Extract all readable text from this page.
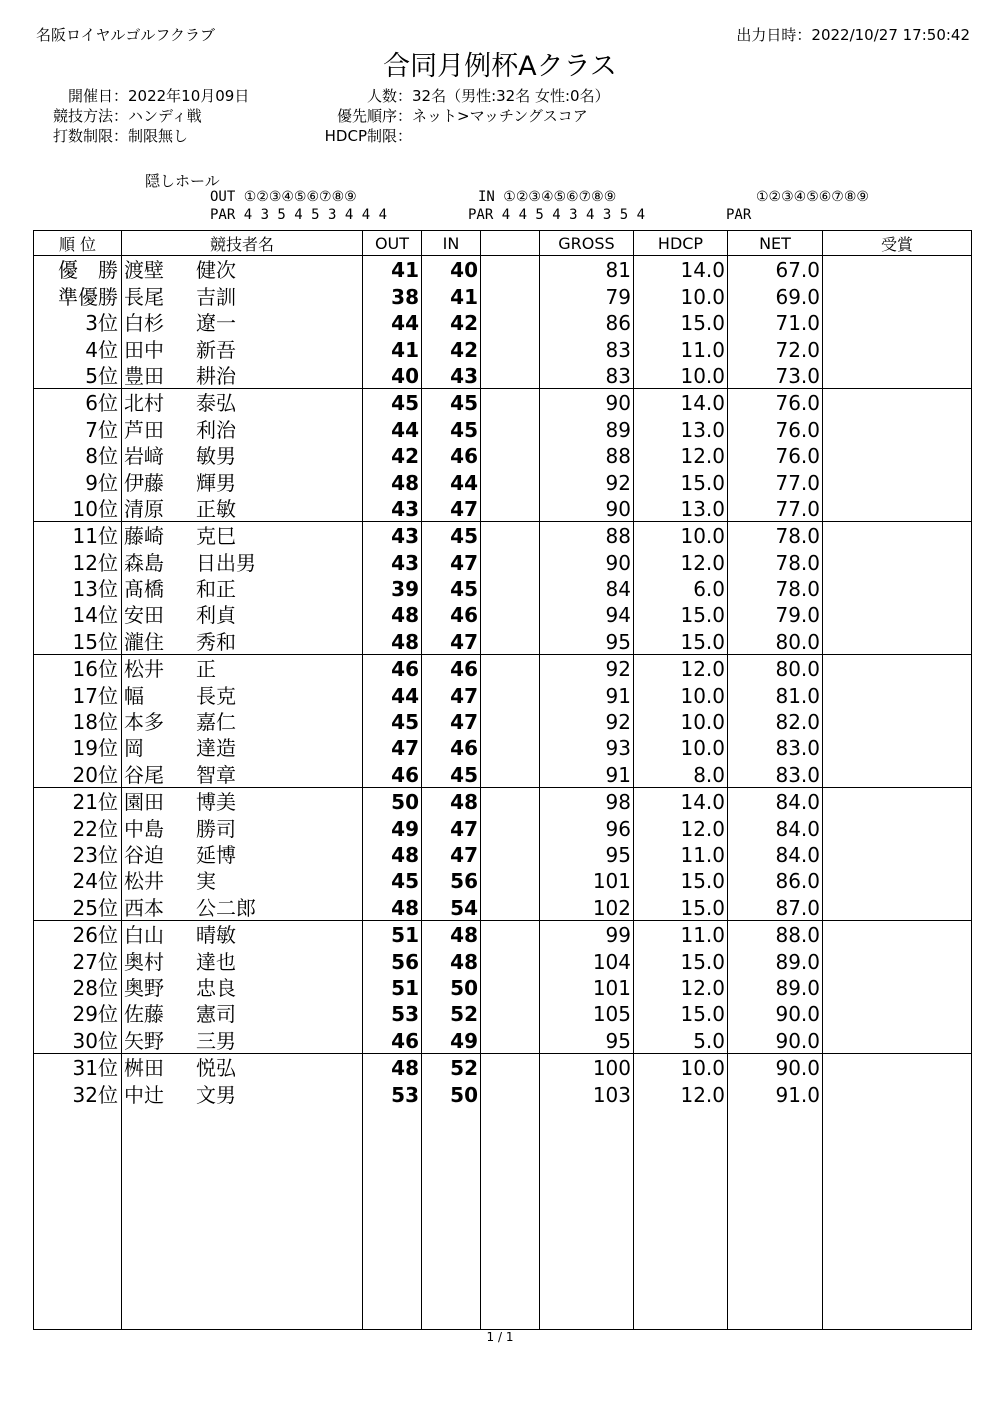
名阪ロイヤルゴルフクラブ	出力日時：2022/10/27 17:50:42
合同月例杯Aクラス
開催日：2022年10月09日
競技方法：ハンディ戦
打数制限：制限無し
人数：32名（男性:32名 女性:0名）
優先順序：ネット>マッチングスコア
HDCP制限：
隠しホール
OUT ①②③④⑤⑥⑦⑧⑨
PAR 4 3 5 4 5 3 4 4 4
IN ①②③④⑤⑥⑦⑧⑨
PAR 4 4 5 4 3 4 3 5 4
①②③④⑤⑥⑦⑧⑨
PAR
順 位	競技者名	OUT	IN		GROSS	HDCP	NET	受賞
優　勝	渡壁 健次	41	40		81	14.0	67.0	
準優勝	長尾 吉訓	38	41		79	10.0	69.0	
3位	白杉 遼一	44	42		86	15.0	71.0	
4位	田中 新吾	41	42		83	11.0	72.0	
5位	豊田 耕治	40	43		83	10.0	73.0	
6位	北村 泰弘	45	45		90	14.0	76.0	
7位	芦田 利治	44	45		89	13.0	76.0	
8位	岩﨑 敏男	42	46		88	12.0	76.0	
9位	伊藤 輝男	48	44		92	15.0	77.0	
10位	清原 正敏	43	47		90	13.0	77.0	
11位	藤崎 克巳	43	45		88	10.0	78.0	
12位	森島 日出男	43	47		90	12.0	78.0	
13位	髙橋 和正	39	45		84	6.0	78.0	
14位	安田 利貞	48	46		94	15.0	79.0	
15位	瀧住 秀和	48	47		95	15.0	80.0	
16位	松井 正	46	46		92	12.0	80.0	
17位	幅 長克	44	47		91	10.0	81.0	
18位	本多 嘉仁	45	47		92	10.0	82.0	
19位	岡 達造	47	46		93	10.0	83.0	
20位	谷尾 智章	46	45		91	8.0	83.0	
21位	園田 博美	50	48		98	14.0	84.0	
22位	中島 勝司	49	47		96	12.0	84.0	
23位	谷迫 延博	48	47		95	11.0	84.0	
24位	松井 実	45	56		101	15.0	86.0	
25位	西本 公二郎	48	54		102	15.0	87.0	
26位	白山 晴敏	51	48		99	11.0	88.0	
27位	奥村 達也	56	48		104	15.0	89.0	
28位	奥野 忠良	51	50		101	12.0	89.0	
29位	佐藤 憲司	53	52		105	15.0	90.0	
30位	矢野 三男	46	49		95	5.0	90.0	
31位	桝田 悦弘	48	52		100	10.0	90.0	
32位	中辻 文男	53	50		103	12.0	91.0	

1 / 1
